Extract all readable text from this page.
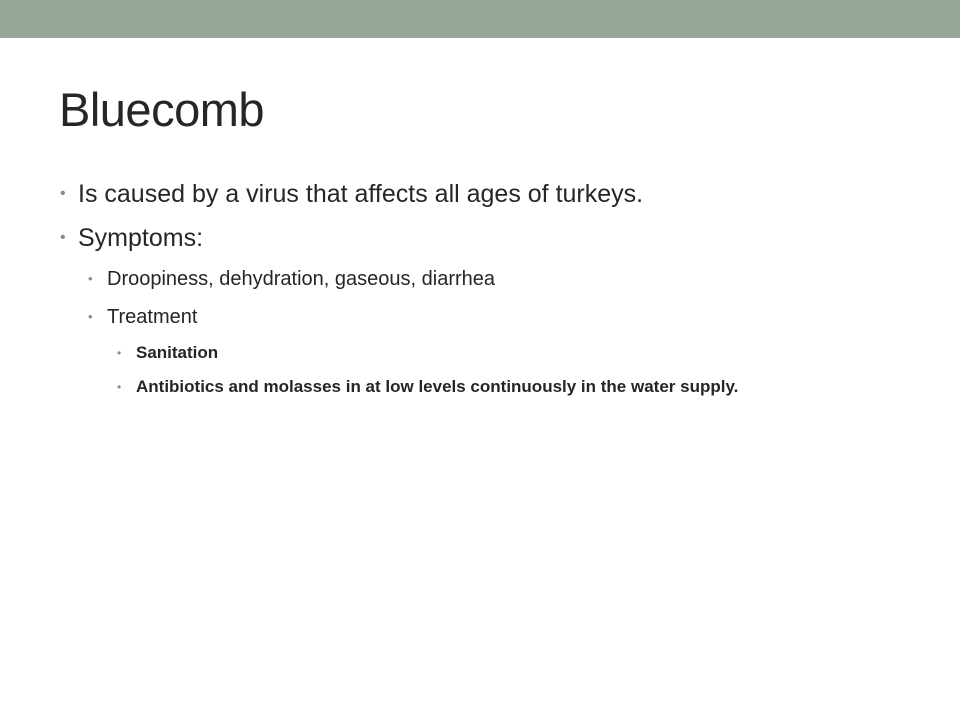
Bluecomb

• Is caused by a virus that affects all ages of turkeys.

• Symptoms:

• Droopiness, dehydration, gaseous, diarrhea

• Treatment

• Sanitation

• Antibiotics and molasses in at low levels continuously in the water supply.
